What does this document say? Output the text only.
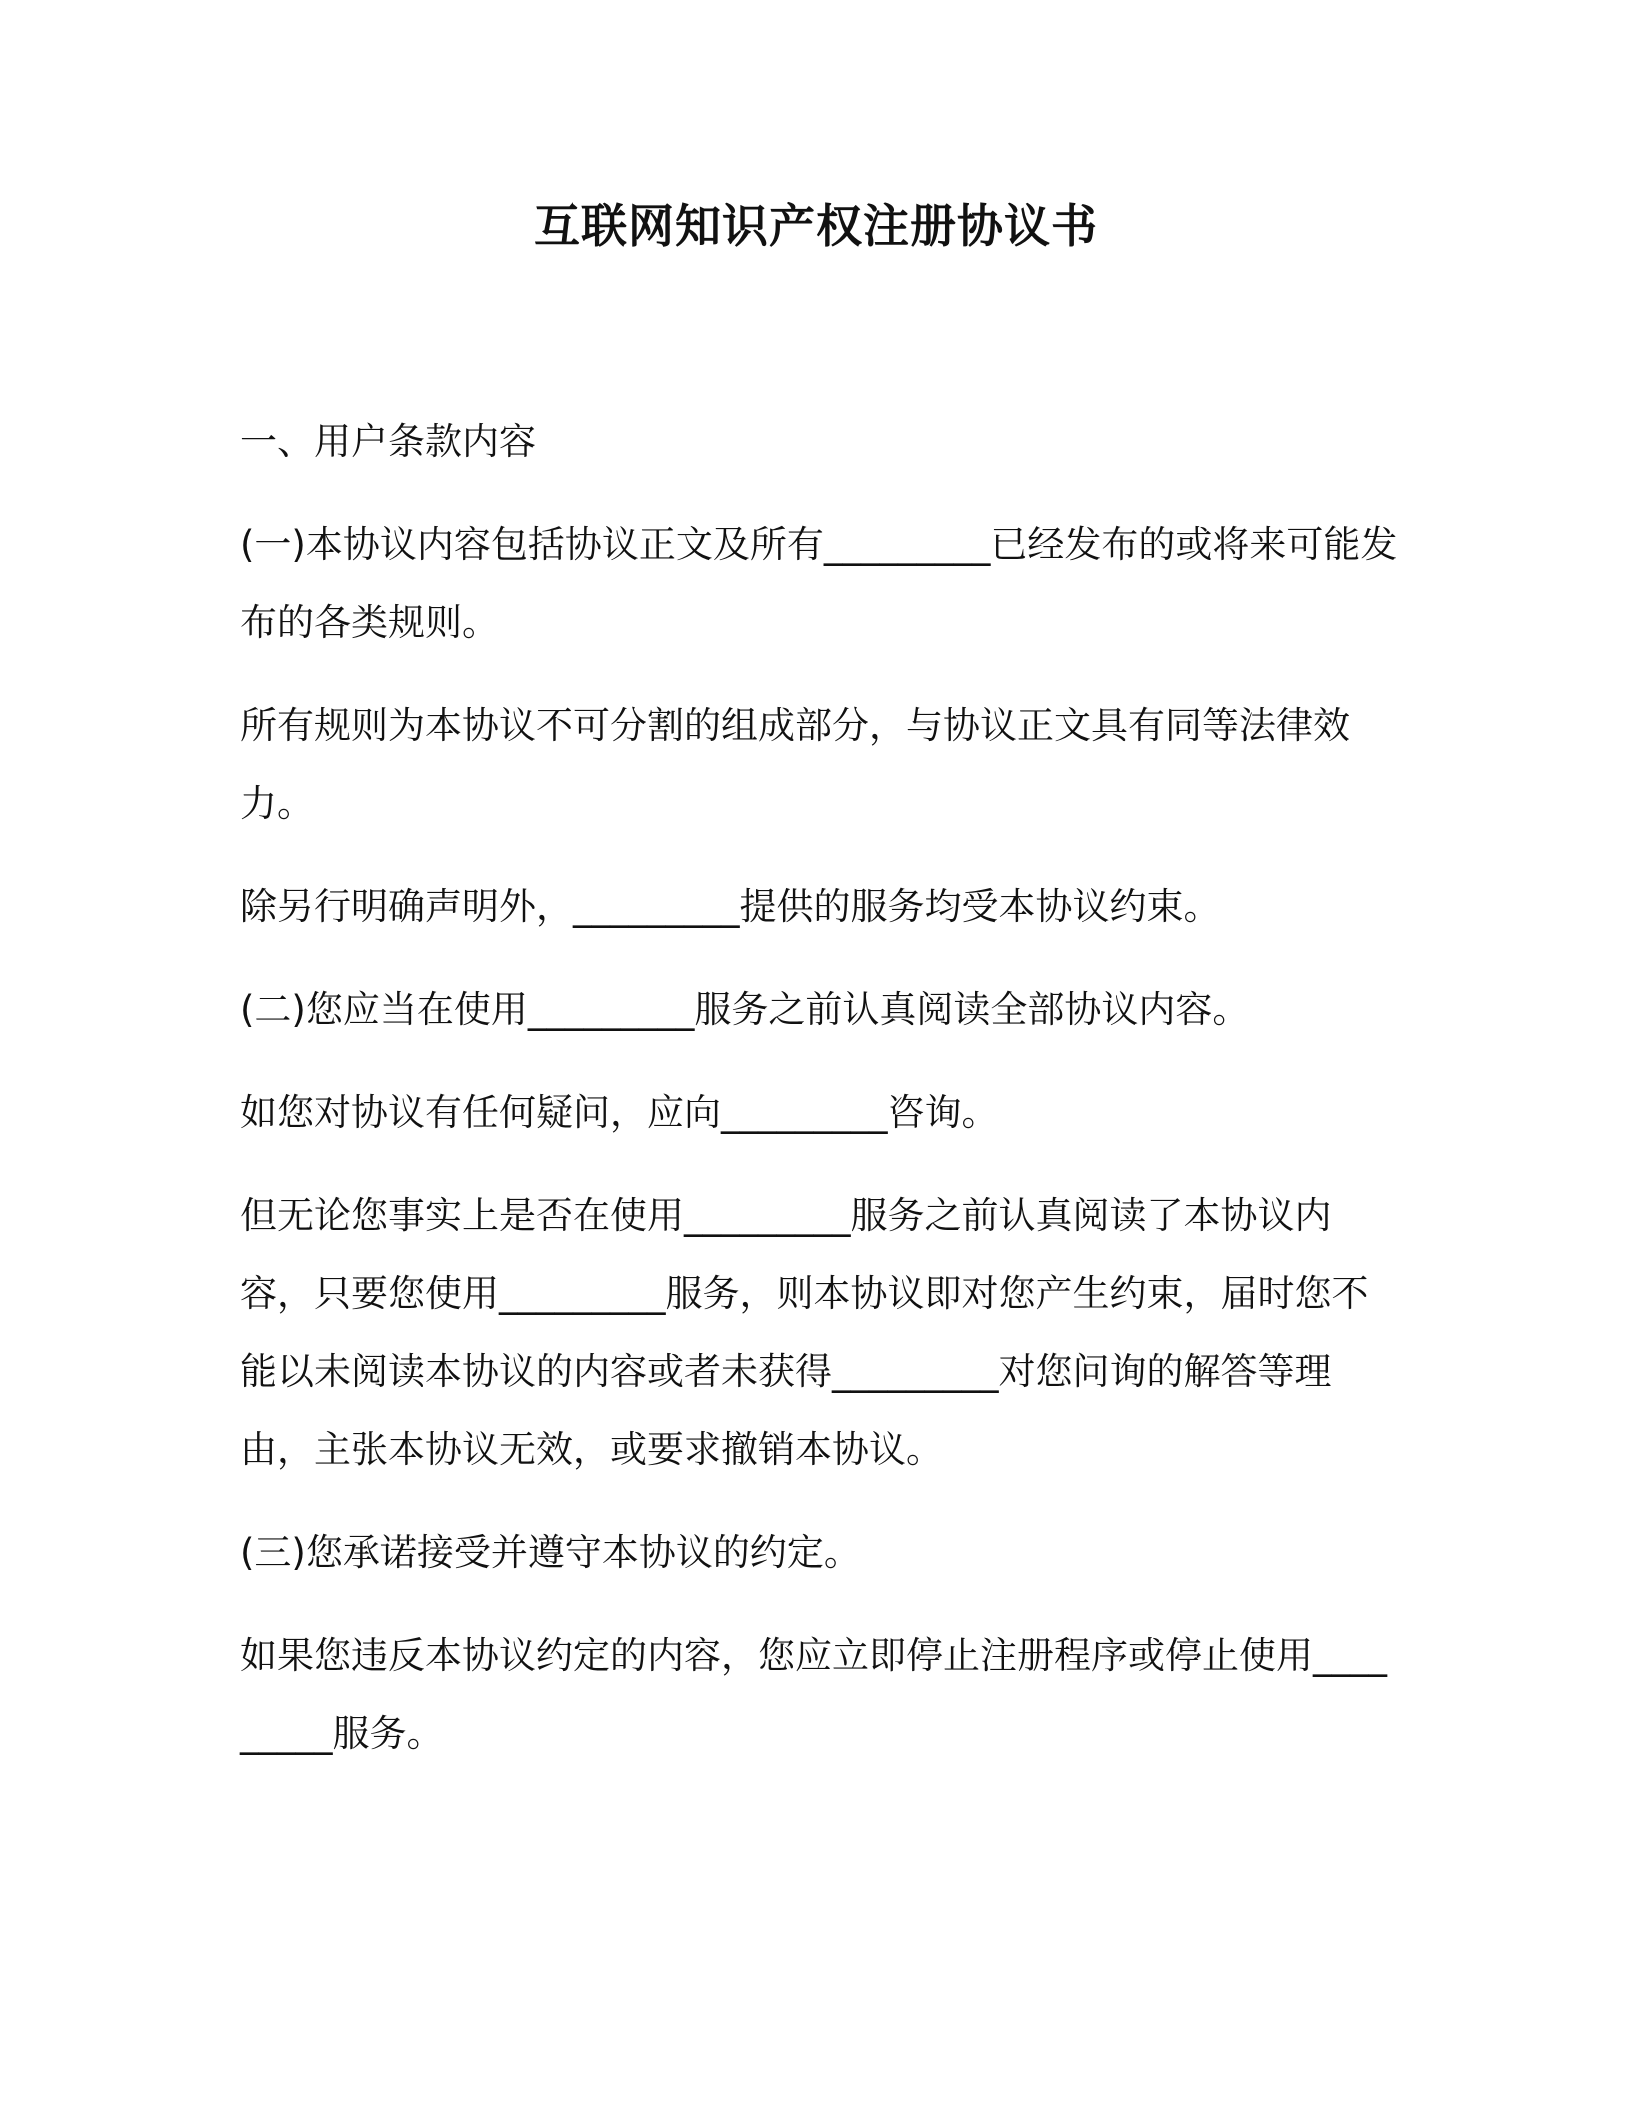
互联网知识产权注册协议书

一、用户条款内容

(一)本协议内容包括协议正文及所有_________已经发布的或将来可能发布的各类规则。

所有规则为本协议不可分割的组成部分，与协议正文具有同等法律效力。

除另行明确声明外，_________提供的服务均受本协议约束。

(二)您应当在使用_________服务之前认真阅读全部协议内容。

如您对协议有任何疑问，应向_________咨询。

但无论您事实上是否在使用_________服务之前认真阅读了本协议内容，只要您使用_________服务，则本协议即对您产生约束，届时您不能以未阅读本协议的内容或者未获得_________对您问询的解答等理由，主张本协议无效，或要求撤销本协议。

(三)您承诺接受并遵守本协议的约定。

如果您违反本协议约定的内容，您应立即停止注册程序或停止使用_________服务。
